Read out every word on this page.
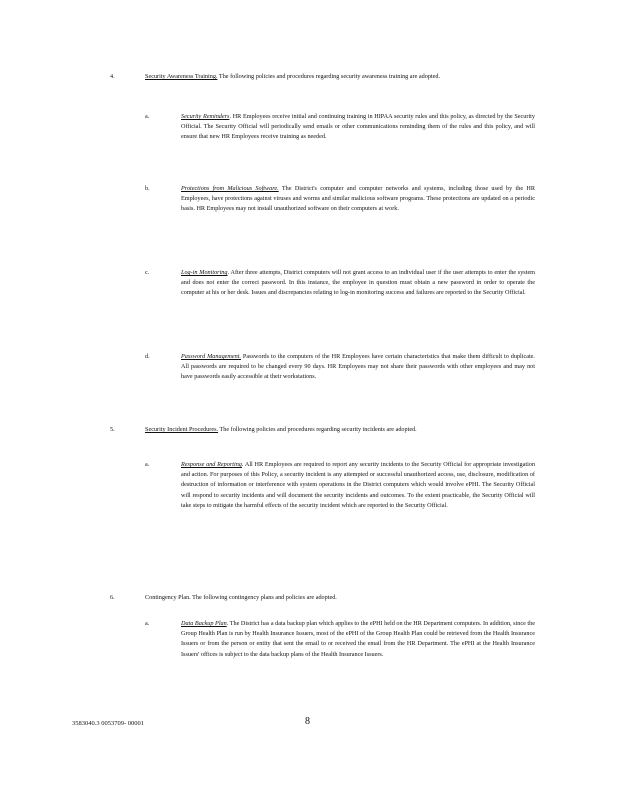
4.	Security Awareness Training. The following policies and procedures regarding security awareness training are adopted.
a.	Security Reminders. HR Employees receive initial and continuing training in HIPAA security rules and this policy, as directed by the Security Official. The Security Official will periodically send emails or other communications reminding them of the rules and this policy, and will ensure that new HR Employees receive training as needed.
b.	Protections from Malicious Software. The District's computer and computer networks and systems, including those used by the HR Employees, have protections against viruses and worms and similar malicious software programs. These protections are updated on a periodic basis. HR Employees may not install unauthorized software on their computers at work.
c.	Log-in Monitoring. After three attempts, District computers will not grant access to an individual user if the user attempts to enter the system and does not enter the correct password. In this instance, the employee in question must obtain a new password in order to operate the computer at his or her desk. Issues and discrepancies relating to log-in monitoring success and failures are reported to the Security Official.
d.	Password Management. Passwords to the computers of the HR Employees have certain characteristics that make them difficult to duplicate. All passwords are required to be changed every 90 days. HR Employees may not share their passwords with other employees and may not have passwords easily accessible at their workstations.
5.	Security Incident Procedures. The following policies and procedures regarding security incidents are adopted.
a.	Response and Reporting. All HR Employees are required to report any security incidents to the Security Official for appropriate investigation and action. For purposes of this Policy, a security incident is any attempted or successful unauthorized access, use, disclosure, modification of destruction of information or interference with system operations in the District computers which would involve ePHI. The Security Official will respond to security incidents and will document the security incidents and outcomes. To the extent practicable, the Security Official will take steps to mitigate the harmful effects of the security incident which are reported to the Security Official.
6.	Contingency Plan. The following contingency plans and policies are adopted.
a.	Data Backup Plan. The District has a data backup plan which applies to the ePHI held on the HR Department computers. In addition, since the Group Health Plan is run by Health Insurance Issuers, most of the ePHI of the Group Health Plan could be retrieved from the Health Insurance Issuers or from the person or entity that sent the email to or received the email from the HR Department. The ePHI at the Health Insurance Issuers' offices is subject to the data backup plans of the Health Insurance Issuers.
3583040.3 0053709- 00001	8
